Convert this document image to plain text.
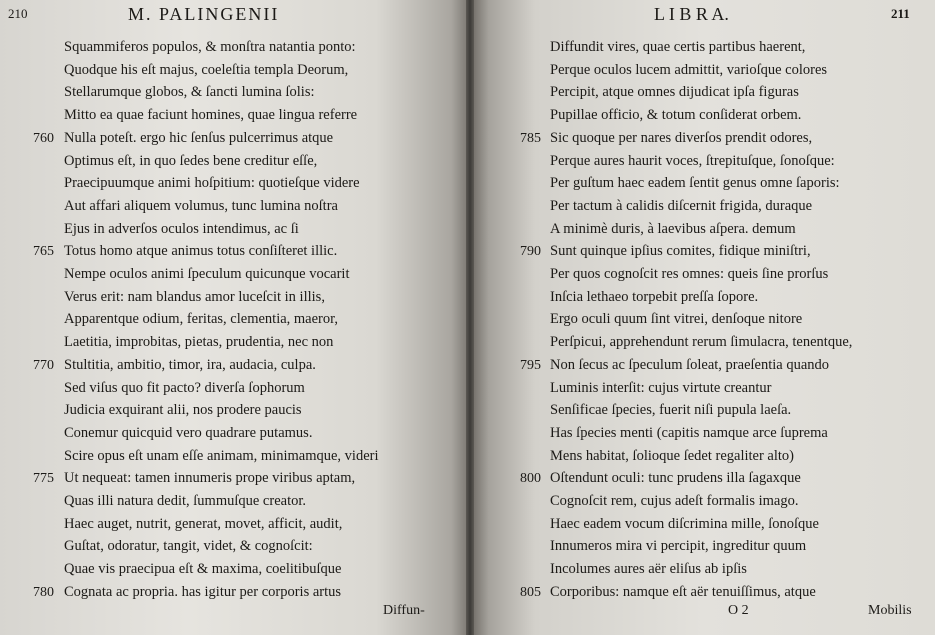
210	M. PALINGENII
Squammiferos populos, & monſtra natantia ponto:
Quodque his eſt majus, coeleſtia templa Deorum,
Stellarumque globos, & ſancti lumina ſolis:
Mitto ea quae faciunt homines, quae lingua referre
Nulla poteſt. ergo hic ſenſus pulcerrimus atque
760
Optimus eſt, in quo ſedes bene creditur eſſe,
Praecipuumque animi hoſpitium: quotieſque videre
Aut affari aliquem volumus, tunc lumina noſtra
Ejus in adverſos oculos intendimus, ac ſi
Totus homo atque animus totus conſiſteret illic.
765
Nempe oculos animi ſpeculum quicunque vocarit
Verus erit: nam blandus amor luceſcit in illis,
Apparentque odium, feritas, clementia, maeror,
Laetitia, improbitas, pietas, prudentia, nec non
Stultitia, ambitio, timor, ira, audacia, culpa.
770
Sed viſus quo fit pacto? diverſa ſophorum
Judicia exquirant alii, nos prodere paucis
Conemur quicquid vero quadrare putamus.
Scire opus eſt unam eſſe animam, minimamque, videri
Ut nequeat: tamen innumeris prope viribus aptam,
775
Quas illi natura dedit, ſummuſque creator.
Haec auget, nutrit, generat, movet, afficit, audit,
Guſtat, odoratur, tangit, videt, & cognoſcit:
Quae vis praecipua eſt & maxima, coelitibuſque
Cognata ac propria. has igitur per corporis artus
780
Diffun-
L I B R A.	211
Diffundit vires, quae certis partibus haerent,
Perque oculos lucem admittit, varioſque colores
Percipit, atque omnes dijudicat ipſa figuras
Pupillae officio, & totum conſiderat orbem.
Sic quoque per nares diverſos prendit odores,
785
Perque aures haurit voces, ſtrepituſque, ſonoſque:
Per guſtum haec eadem ſentit genus omne ſaporis:
Per tactum à calidis diſcernit frigida, duraque
A minimè duris, à laevibus aſpera. demum
Sunt quinque ipſius comites, fidique miniſtri,
790
Per quos cognoſcit res omnes: queis ſine prorſus
Inſcia lethaeo torpebit preſſa ſopore.
Ergo oculi quum ſint vitrei, denſoque nitore
Perſpicui, apprehendunt rerum ſimulacra, tenentque,
Non ſecus ac ſpeculum ſoleat, praeſentia quando
795
Luminis interſit: cujus virtute creantur
Senſificae ſpecies, fuerit niſi pupula laeſa.
Has ſpecies menti (capitis namque arce ſuprema
Mens habitat, ſolioque ſedet regaliter alto)
Oſtendunt oculi: tunc prudens illa ſagaxque
800
Cognoſcit rem, cujus adeſt formalis imago.
Haec eadem vocum diſcrimina mille, ſonoſque
Innumeros mira vi percipit, ingreditur quum
Incolumes aures aër eliſus ab ipſis
Corporibus: namque eſt aër tenuiſſimus, atque
805
O 2	Mobilis
